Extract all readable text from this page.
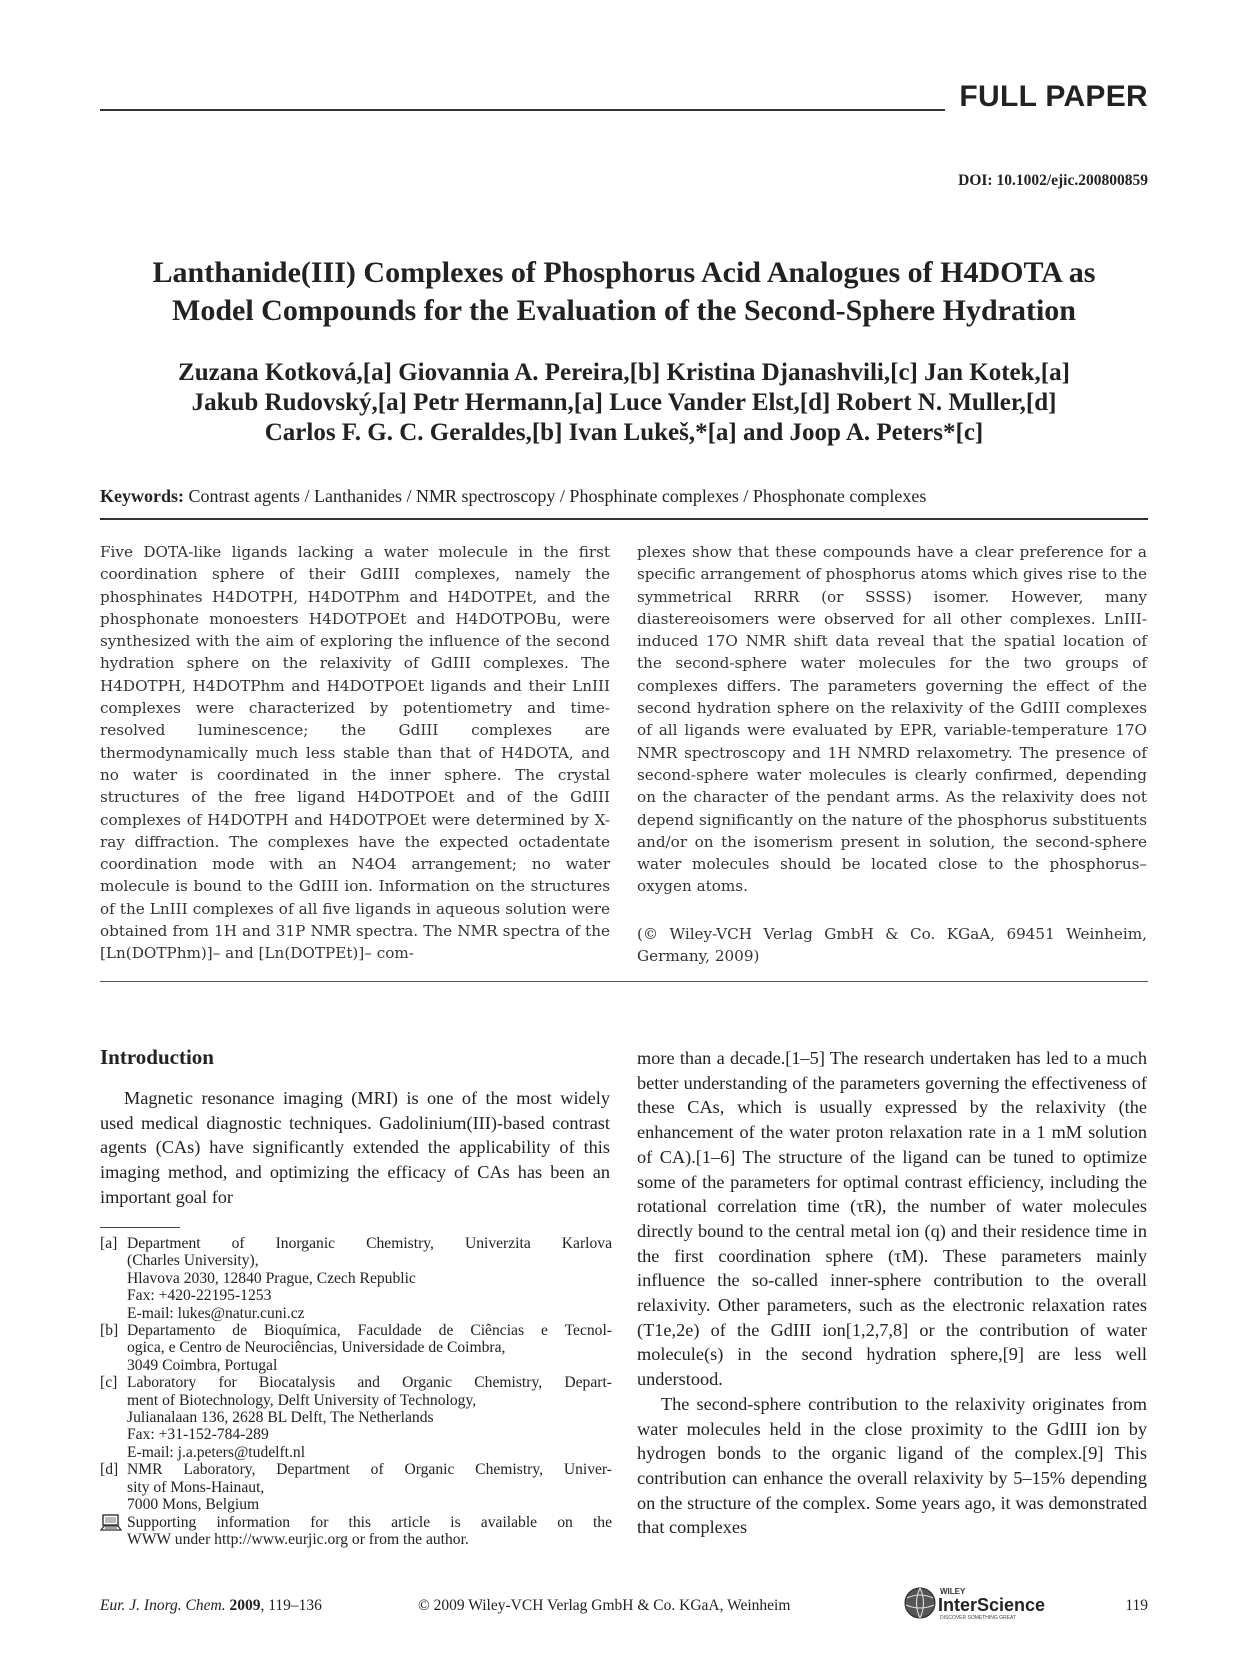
FULL PAPER
DOI: 10.1002/ejic.200800859
Lanthanide(III) Complexes of Phosphorus Acid Analogues of H4DOTA as
Model Compounds for the Evaluation of the Second-Sphere Hydration
Zuzana Kotková,[a] Giovannia A. Pereira,[b] Kristina Djanashvili,[c] Jan Kotek,[a]
Jakub Rudovský,[a] Petr Hermann,[a] Luce Vander Elst,[d] Robert N. Muller,[d]
Carlos F. G. C. Geraldes,[b] Ivan Lukeš,*[a] and Joop A. Peters*[c]
Keywords: Contrast agents / Lanthanides / NMR spectroscopy / Phosphinate complexes / Phosphonate complexes
Five DOTA-like ligands lacking a water molecule in the first coordination sphere of their GdIII complexes, namely the phosphinates H4DOTPH, H4DOTPhm and H4DOTPEt, and the phosphonate monoesters H4DOTPOEt and H4DOTPOBu, were synthesized with the aim of exploring the influence of the second hydration sphere on the relaxivity of GdIII complexes. The H4DOTPH, H4DOTPhm and H4DOTPOEt ligands and their LnIII complexes were characterized by potentiometry and time-resolved luminescence; the GdIII complexes are thermodynamically much less stable than that of H4DOTA, and no water is coordinated in the inner sphere. The crystal structures of the free ligand H4DOTPOEt and of the GdIII complexes of H4DOTPH and H4DOTPOEt were determined by X-ray diffraction. The complexes have the expected octadentate coordination mode with an N4O4 arrangement; no water molecule is bound to the GdIII ion. Information on the structures of the LnIII complexes of all five ligands in aqueous solution were obtained from 1H and 31P NMR spectra. The NMR spectra of the [Ln(DOTPhm)]– and [Ln(DOTPEt)]– com-
plexes show that these compounds have a clear preference for a specific arrangement of phosphorus atoms which gives rise to the symmetrical RRRR (or SSSS) isomer. However, many diastereoisomers were observed for all other complexes. LnIII-induced 17O NMR shift data reveal that the spatial location of the second-sphere water molecules for the two groups of complexes differs. The parameters governing the effect of the second hydration sphere on the relaxivity of the GdIII complexes of all ligands were evaluated by EPR, variable-temperature 17O NMR spectroscopy and 1H NMRD relaxometry. The presence of second-sphere water molecules is clearly confirmed, depending on the character of the pendant arms. As the relaxivity does not depend significantly on the nature of the phosphorus substituents and/or on the isomerism present in solution, the second-sphere water molecules should be located close to the phosphorus–oxygen atoms.
(© Wiley-VCH Verlag GmbH & Co. KGaA, 69451 Weinheim, Germany, 2009)
Introduction
Magnetic resonance imaging (MRI) is one of the most widely used medical diagnostic techniques. Gadolinium(III)-based contrast agents (CAs) have significantly extended the applicability of this imaging method, and optimizing the efficacy of CAs has been an important goal for
more than a decade.[1–5] The research undertaken has led to a much better understanding of the parameters governing the effectiveness of these CAs, which is usually expressed by the relaxivity (the enhancement of the water proton relaxation rate in a 1 mM solution of CA).[1–6] The structure of the ligand can be tuned to optimize some of the parameters for optimal contrast efficiency, including the rotational correlation time (τR), the number of water molecules directly bound to the central metal ion (q) and their residence time in the first coordination sphere (τM). These parameters mainly influence the so-called inner-sphere contribution to the overall relaxivity. Other parameters, such as the electronic relaxation rates (T1e,2e) of the GdIII ion[1,2,7,8] or the contribution of water molecule(s) in the second hydration sphere,[9] are less well understood.
The second-sphere contribution to the relaxivity originates from water molecules held in the close proximity to the GdIII ion by hydrogen bonds to the organic ligand of the complex.[9] This contribution can enhance the overall relaxivity by 5–15% depending on the structure of the complex. Some years ago, it was demonstrated that complexes
[a] Department of Inorganic Chemistry, Univerzita Karlova
(Charles University),
Hlavova 2030, 12840 Prague, Czech Republic
Fax: +420-22195-1253
E-mail: lukes@natur.cuni.cz
[b] Departamento de Bioquímica, Faculdade de Ciências e Tecnol-
ogica, e Centro de Neurociências, Universidade de Coimbra,
3049 Coimbra, Portugal
[c] Laboratory for Biocatalysis and Organic Chemistry, Depart-
ment of Biotechnology, Delft University of Technology,
Julianalaan 136, 2628 BL Delft, The Netherlands
Fax: +31-152-784-289
E-mail: j.a.peters@tudelft.nl
[d] NMR Laboratory, Department of Organic Chemistry, Univer-
sity of Mons-Hainaut,
7000 Mons, Belgium
Supporting information for this article is available on the
WWW under http://www.eurjic.org or from the author.
Eur. J. Inorg. Chem. 2009, 119–136	© 2009 Wiley-VCH Verlag GmbH & Co. KGaA, Weinheim
WILEY
InterScience
DISCOVER SOMETHING GREAT
119
